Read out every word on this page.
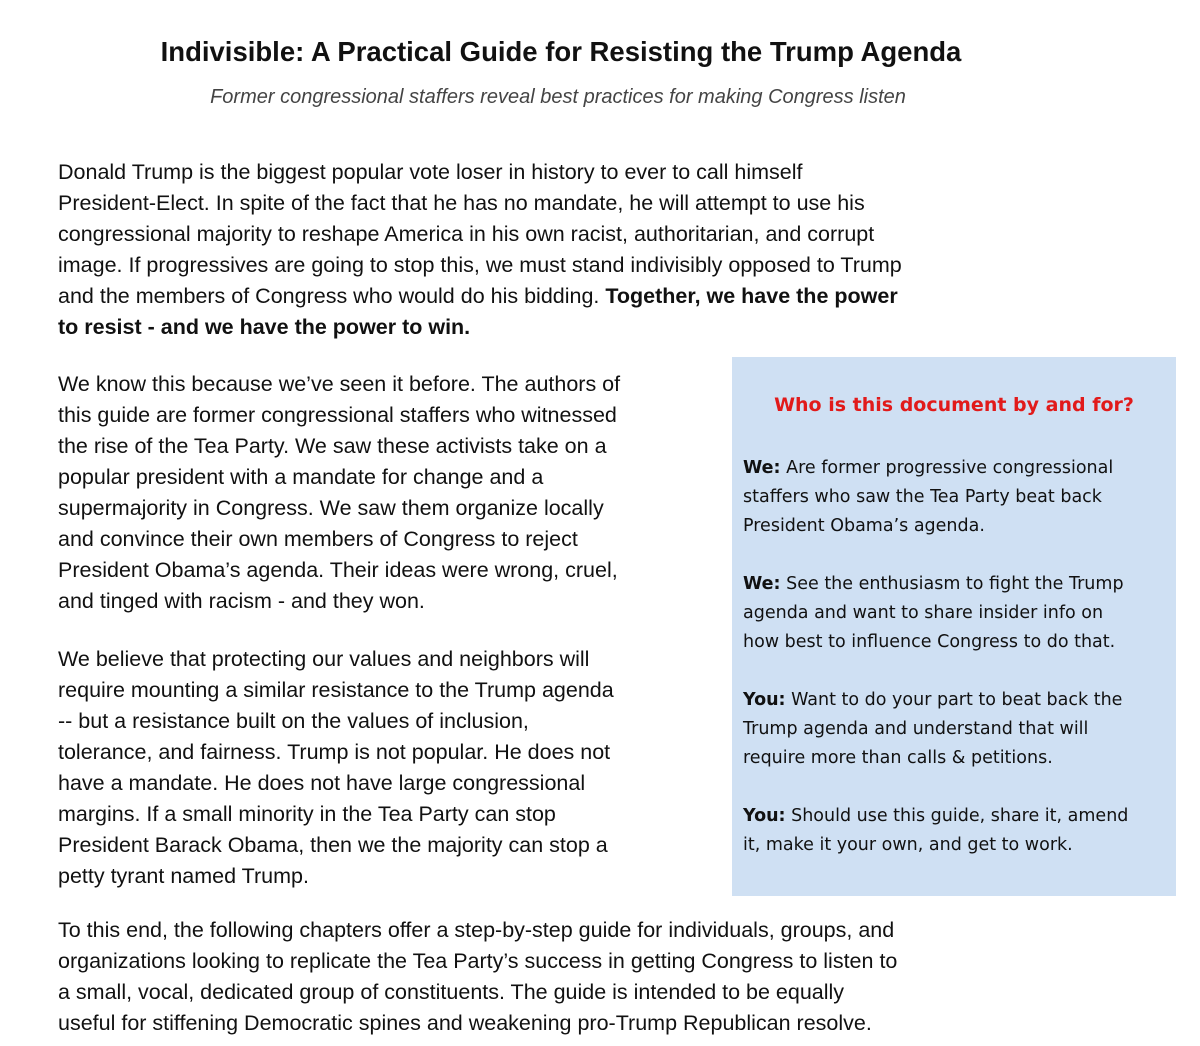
Indivisible: A Practical Guide for Resisting the Trump Agenda

Former congressional staffers reveal best practices for making Congress listen

Donald Trump is the biggest popular vote loser in history to ever to call himself
President-Elect. In spite of the fact that he has no mandate, he will attempt to use his
congressional majority to reshape America in his own racist, authoritarian, and corrupt
image. If progressives are going to stop this, we must stand indivisibly opposed to Trump
and the members of Congress who would do his bidding. Together, we have the power
to resist - and we have the power to win.
We know this because we’ve seen it before. The authors of
this guide are former congressional staffers who witnessed
the rise of the Tea Party. We saw these activists take on a
popular president with a mandate for change and a
supermajority in Congress. We saw them organize locally
and convince their own members of Congress to reject
President Obama’s agenda. Their ideas were wrong, cruel,
and tinged with racism - and they won.
We believe that protecting our values and neighbors will
require mounting a similar resistance to the Trump agenda
-- but a resistance built on the values of inclusion,
tolerance, and fairness. Trump is not popular. He does not
have a mandate. He does not have large congressional
margins. If a small minority in the Tea Party can stop
President Barack Obama, then we the majority can stop a
petty tyrant named Trump.

Who is this document by and for?

We: Are former progressive congressional
staffers who saw the Tea Party beat back
President Obama’s agenda.

We: See the enthusiasm to fight the Trump
agenda and want to share insider info on
how best to influence Congress to do that.

You: Want to do your part to beat back the
Trump agenda and understand that will
require more than calls & petitions.

You: Should use this guide, share it, amend
it, make it your own, and get to work.

To this end, the following chapters offer a step-by-step guide for individuals, groups, and
organizations looking to replicate the Tea Party’s success in getting Congress to listen to
a small, vocal, dedicated group of constituents. The guide is intended to be equally
useful for stiffening Democratic spines and weakening pro-Trump Republican resolve.
